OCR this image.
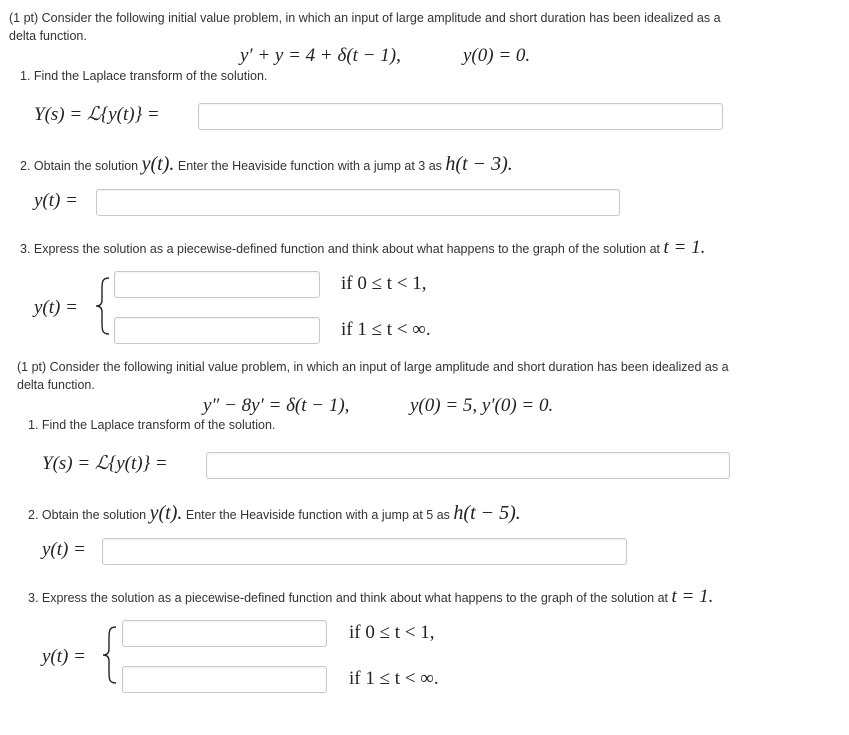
(1 pt) Consider the following initial value problem, in which an input of large amplitude and short duration has been idealized as a
delta function.
y′ + y = 4 + δ(t − 1),	y(0) = 0.
1. Find the Laplace transform of the solution.
Y(s) = ℒ{y(t)} =
2. Obtain the solution y(t). Enter the Heaviside function with a jump at 3 as h(t − 3).
y(t) =
3. Express the solution as a piecewise-defined function and think about what happens to the graph of the solution at t = 1.
y(t) =
if 0 ≤ t < 1,
if 1 ≤ t < ∞.
(1 pt) Consider the following initial value problem, in which an input of large amplitude and short duration has been idealized as a
delta function.
y″ − 8y′ = δ(t − 1),	y(0) = 5, y′(0) = 0.
1. Find the Laplace transform of the solution.
Y(s) = ℒ{y(t)} =
2. Obtain the solution y(t). Enter the Heaviside function with a jump at 5 as h(t − 5).
y(t) =
3. Express the solution as a piecewise-defined function and think about what happens to the graph of the solution at t = 1.
y(t) =
if 0 ≤ t < 1,
if 1 ≤ t < ∞.
